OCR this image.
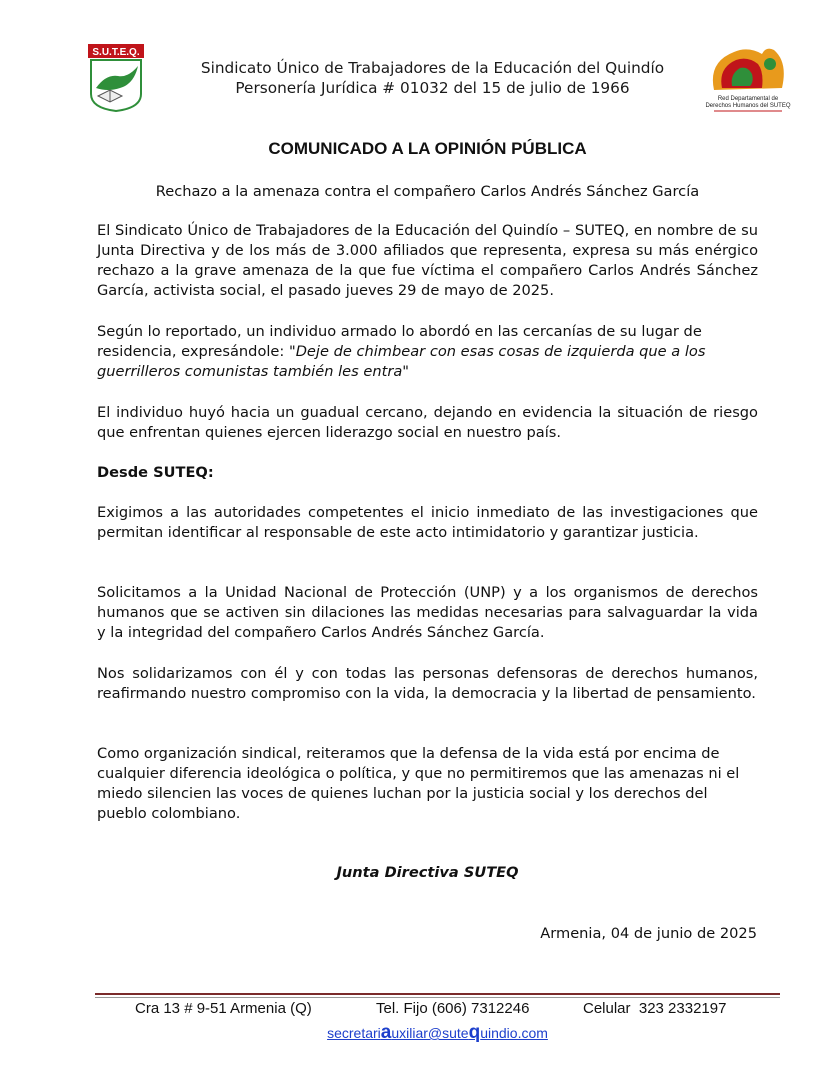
S.U.T.E.Q.
Sindicato Único de Trabajadores de la Educación del Quindío
Personería Jurídica # 01032 del 15 de julio de 1966
Red Departamental de
Derechos Humanos del SUTEQ
COMUNICADO A LA OPINIÓN PÚBLICA
Rechazo a la amenaza contra el compañero Carlos Andrés Sánchez García

El Sindicato Único de Trabajadores de la Educación del Quindío – SUTEQ, en nombre de su Junta Directiva y de los más de 3.000 afiliados que representa, expresa su más enérgico rechazo a la grave amenaza de la que fue víctima el compañero Carlos Andrés Sánchez García, activista social, el pasado jueves 29 de mayo de 2025.

Según lo reportado, un individuo armado lo abordó en las cercanías de su lugar de residencia, expresándole: "Deje de chimbear con esas cosas de izquierda que a los guerrilleros comunistas también les entra"

El individuo huyó hacia un guadual cercano, dejando en evidencia la situación de riesgo que enfrentan quienes ejercen liderazgo social en nuestro país.

Desde SUTEQ:

Exigimos a las autoridades competentes el inicio inmediato de las investigaciones que permitan identificar al responsable de este acto intimidatorio y garantizar justicia.

Solicitamos a la Unidad Nacional de Protección (UNP) y a los organismos de derechos humanos que se activen sin dilaciones las medidas necesarias para salvaguardar la vida y la integridad del compañero Carlos Andrés Sánchez García.

Nos solidarizamos con él y con todas las personas defensoras de derechos humanos, reafirmando nuestro compromiso con la vida, la democracia y la libertad de pensamiento.

Como organización sindical, reiteramos que la defensa de la vida está por encima de cualquier diferencia ideológica o política, y que no permitiremos que las amenazas ni el miedo silencien las voces de quienes luchan por la justicia social y los derechos del pueblo colombiano.

Junta Directiva SUTEQ
Armenia, 04 de junio de 2025
Cra 13 # 9-51 Armenia (Q)	Tel. Fijo (606) 7312246	Celular  323 2332197
secretariauxiliar@sutequindio.com
